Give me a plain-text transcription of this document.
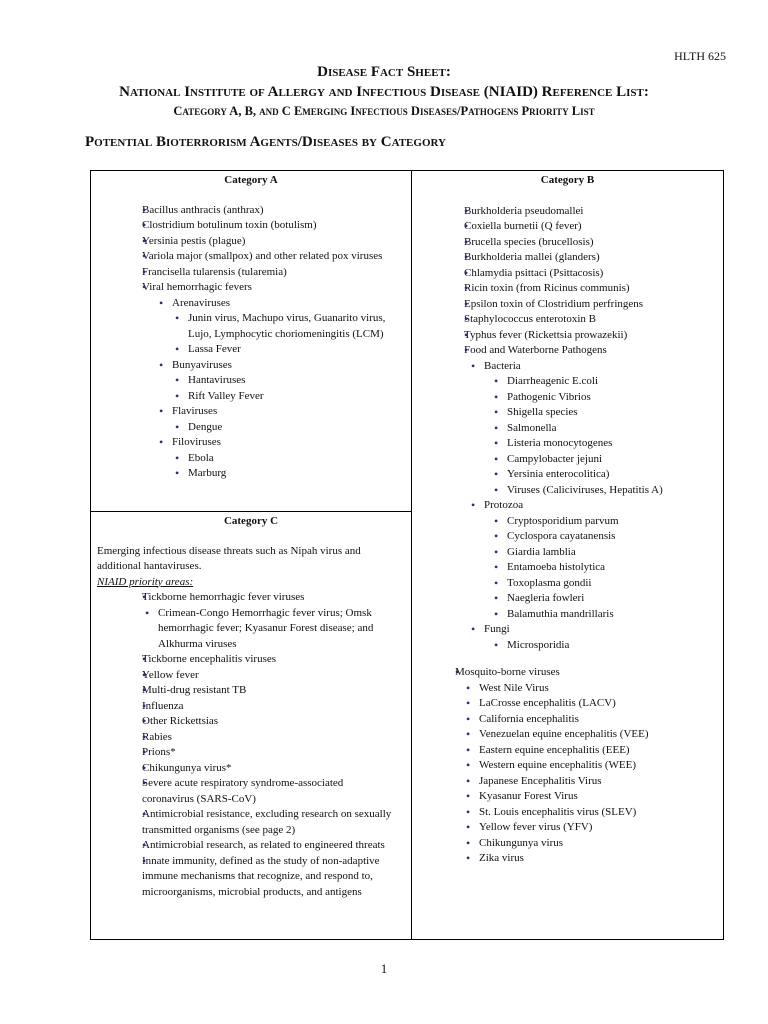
HLTH 625
Disease Fact Sheet:
National Institute of Allergy and Infectious Disease (NIAID) Reference List:
Category A, B, and C Emerging Infectious Diseases/Pathogens Priority List
Potential Bioterrorism Agents/Diseases by Category
Category A
• Bacillus anthracis (anthrax)
• Clostridium botulinum toxin (botulism)
• Yersinia pestis (plague)
• Variola major (smallpox) and other related pox viruses
• Francisella tularensis (tularemia)
• Viral hemorrhagic fevers
• Arenaviruses
• Junin virus, Machupo virus, Guanarito virus, Lujo, Lymphocytic choriomeningitis (LCM)
• Lassa Fever
• Bunyaviruses
• Hantaviruses
• Rift Valley Fever
• Flaviruses
• Dengue
• Filoviruses
• Ebola
• Marburg
Category C

Emerging infectious disease threats such as Nipah virus and additional hantaviruses.

NIAID priority areas:

• Tickborne hemorrhagic fever viruses
• Crimean-Congo Hemorrhagic fever virus; Omsk hemorrhagic fever; Kyasanur Forest disease; and Alkhurma viruses
• Tickborne encephalitis viruses
• Yellow fever
• Multi-drug resistant TB
• Influenza
• Other Rickettsias
• Rabies
• Prions*
• Chikungunya virus*
• Severe acute respiratory syndrome-associated coronavirus (SARS-CoV)
• Antimicrobial resistance, excluding research on sexually transmitted organisms (see page 2)
• Antimicrobial research, as related to engineered threats
• Innate immunity, defined as the study of non-adaptive immune mechanisms that recognize, and respond to, microorganisms, microbial products, and antigens
Category B
• Burkholderia pseudomallei
• Coxiella burnetii (Q fever)
• Brucella species (brucellosis)
• Burkholderia mallei (glanders)
• Chlamydia psittaci (Psittacosis)
• Ricin toxin (from Ricinus communis)
• Epsilon toxin of Clostridium perfringens
• Staphylococcus enterotoxin B
• Typhus fever (Rickettsia prowazekii)
• Food and Waterborne Pathogens
• Bacteria
• Diarrheagenic E.coli
• Pathogenic Vibrios
• Shigella species
• Salmonella
• Listeria monocytogenes
• Campylobacter jejuni
• Yersinia enterocolitica)
• Viruses (Caliciviruses, Hepatitis A)
• Protozoa
• Cryptosporidium parvum
• Cyclospora cayatanensis
• Giardia lamblia
• Entamoeba histolytica
• Toxoplasma gondii
• Naegleria fowleri
• Balamuthia mandrillaris
• Fungi
• Microsporidia
• Mosquito-borne viruses
• West Nile Virus
• LaCrosse encephalitis (LACV)
• California encephalitis
• Venezuelan equine encephalitis (VEE)
• Eastern equine encephalitis (EEE)
• Western equine encephalitis (WEE)
• Japanese Encephalitis Virus
• Kyasanur Forest Virus
• St. Louis encephalitis virus (SLEV)
• Yellow fever virus (YFV)
• Chikungunya virus
• Zika virus
1
